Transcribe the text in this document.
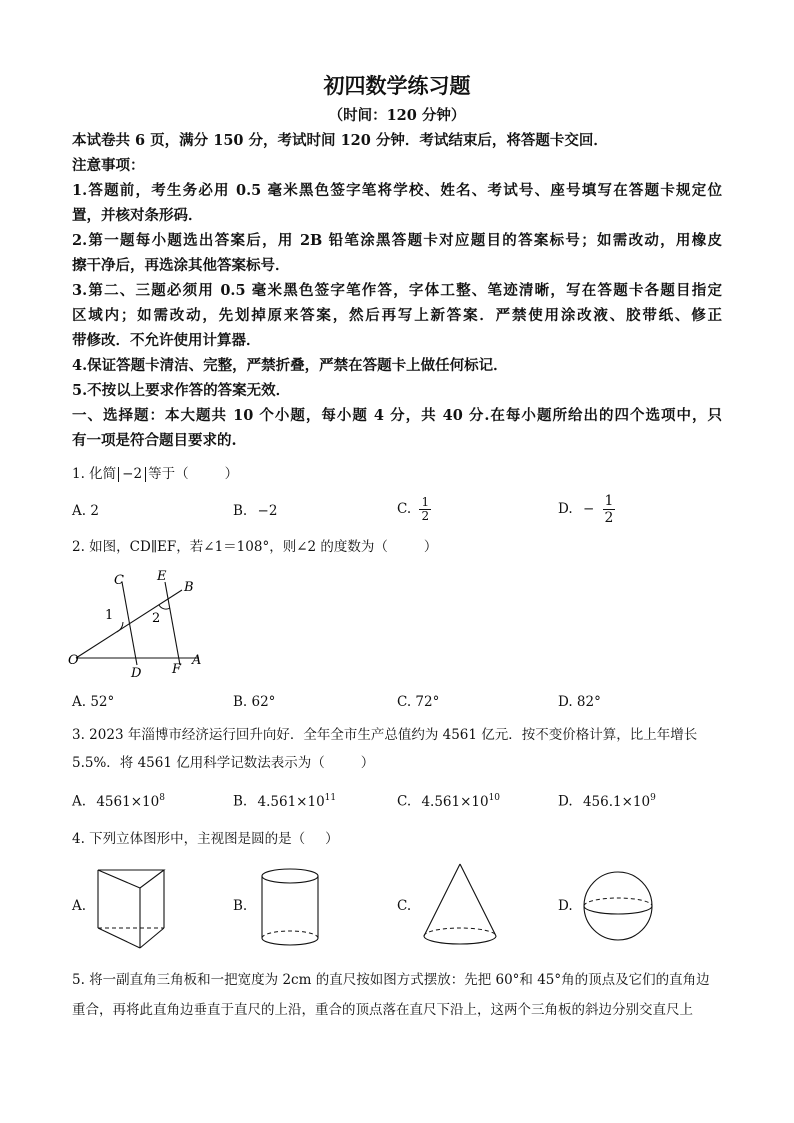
初四数学练习题
（时间：120 分钟）

本试卷共 6 页，满分 150 分，考试时间 120 分钟．考试结束后，将答题卡交回．

注意事项：

1.答题前，考生务必用 0.5 毫米黑色签字笔将学校、姓名、考试号、座号填写在答题卡规定位

置，并核对条形码．

2.第一题每小题选出答案后，用 2B 铅笔涂黑答题卡对应题目的答案标号；如需改动，用橡皮

擦干净后，再选涂其他答案标号．

3.第二、三题必须用 0.5 毫米黑色签字笔作答，字体工整、笔迹清晰，写在答题卡各题目指定

区域内；如需改动，先划掉原来答案，然后再写上新答案．严禁使用涂改液、胶带纸、修正

带修改．不允许使用计算器．

4.保证答题卡清洁、完整，严禁折叠，严禁在答题卡上做任何标记．

5.不按以上要求作答的答案无效．

一、选择题：本大题共 10 个小题，每小题 4 分，共 40 分.在每小题所给出的四个选项中，只

有一项是符合题目要求的.

1. 化简 −2 等于（	）
A. 2	B. −2	C. $\frac{1}{2}$	D. − $\frac{1}{2}$
2. 如图，CD∥EF，若∠1＝108°，则∠2 的度数为（	）
C	E
B
1	2
O
D F
A
A. 52°	B. 62°	C. 72°	D. 82°
3. 2023 年淄博市经济运行回升向好．全年全市生产总值约为 4561 亿元．按不变价格计算，比上年增长
5.5%．将 4561 亿用科学记数法表示为（	）
A. $4561\times 10^8$	B. $4.561\times 10^{11}$	C. $4.561\times 10^{10}$	D. $456.1\times 10^9$
4. 下列立体图形中，主视图是圆的是（ ）
A.	B.	C.	D.
5. 将一副直角三角板和一把宽度为 2cm 的直尺按如图方式摆放：先把 60°和 45°角的顶点及它们的直角边
重合，再将此直角边垂直于直尺的上沿，重合的顶点落在直尺下沿上，这两个三角板的斜边分别交直尺上
